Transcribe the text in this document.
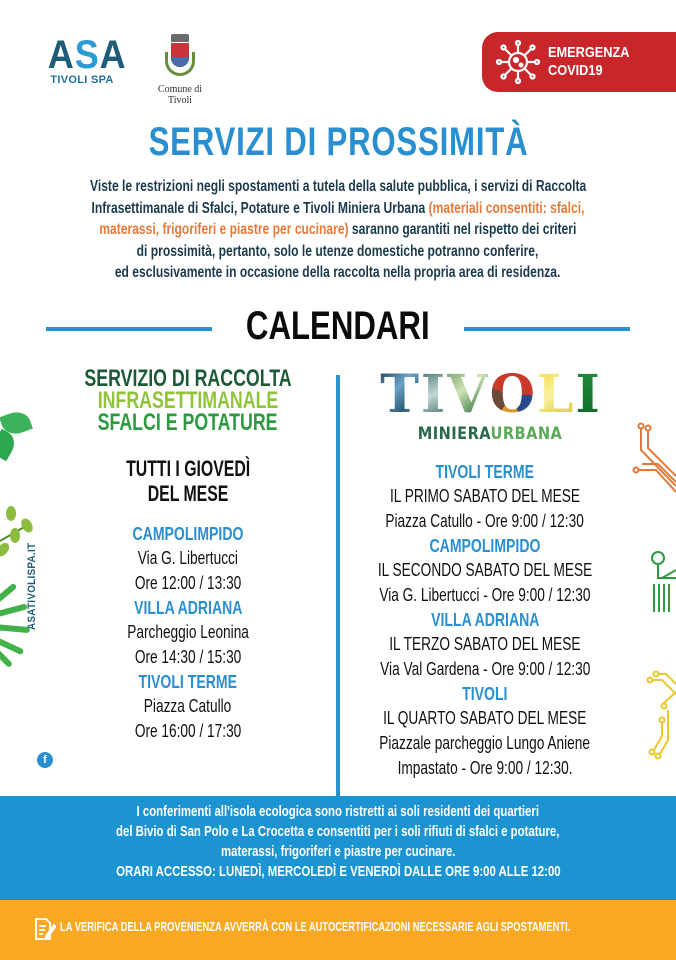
ASA
TIVOLI SPA
Comune di Tivoli
EMERGENZA
COVID19
SERVIZI DI PROSSIMITÀ
Viste le restrizioni negli spostamenti a tutela della salute pubblica, i servizi di Raccolta
Infrasettimanale di Sfalci, Potature e Tivoli Miniera Urbana (materiali consentiti: sfalci,
materassi, frigoriferi e piastre per cucinare) saranno garantiti nel rispetto dei criteri
di prossimità, pertanto, solo le utenze domestiche potranno conferire,
ed esclusivamente in occasione della raccolta nella propria area di residenza.
CALENDARI
SERVIZIO DI RACCOLTA
INFRASETTIMANALE
SFALCI E POTATURE
TUTTI I GIOVEDÌ
DEL MESE
CAMPOLIMPIDO
Via G. Libertucci
Ore 12:00 / 13:30
VILLA ADRIANA
Parcheggio Leonina
Ore 14:30 / 15:30
TIVOLI TERME
Piazza Catullo
Ore 16:00 / 17:30
T I V O L I
MINIERAURBANA
TIVOLI TERME
IL PRIMO SABATO DEL MESE
Piazza Catullo - Ore 9:00 / 12:30
CAMPOLIMPIDO
IL SECONDO SABATO DEL MESE
Via G. Libertucci - Ore 9:00 / 12:30
VILLA ADRIANA
IL TERZO SABATO DEL MESE
Via Val Gardena - Ore 9:00 / 12:30
TIVOLI
IL QUARTO SABATO DEL MESE
Piazzale parcheggio Lungo Aniene
Impastato - Ore 9:00 / 12:30.
ASATIVOLISPA.IT
f
I conferimenti all'isola ecologica sono ristretti ai soli residenti dei quartieri
del Bivio di San Polo e La Crocetta e consentiti per i soli rifiuti di sfalci e potature,
materassi, frigoriferi e piastre per cucinare.
ORARI ACCESSO: LUNEDÌ, MERCOLEDÌ E VENERDÌ DALLE ORE 9:00 ALLE 12:00
LA VERIFICA DELLA PROVENIENZA AVVERRÀ CON LE AUTOCERTIFICAZIONI NECESSARIE AGLI SPOSTAMENTI.
